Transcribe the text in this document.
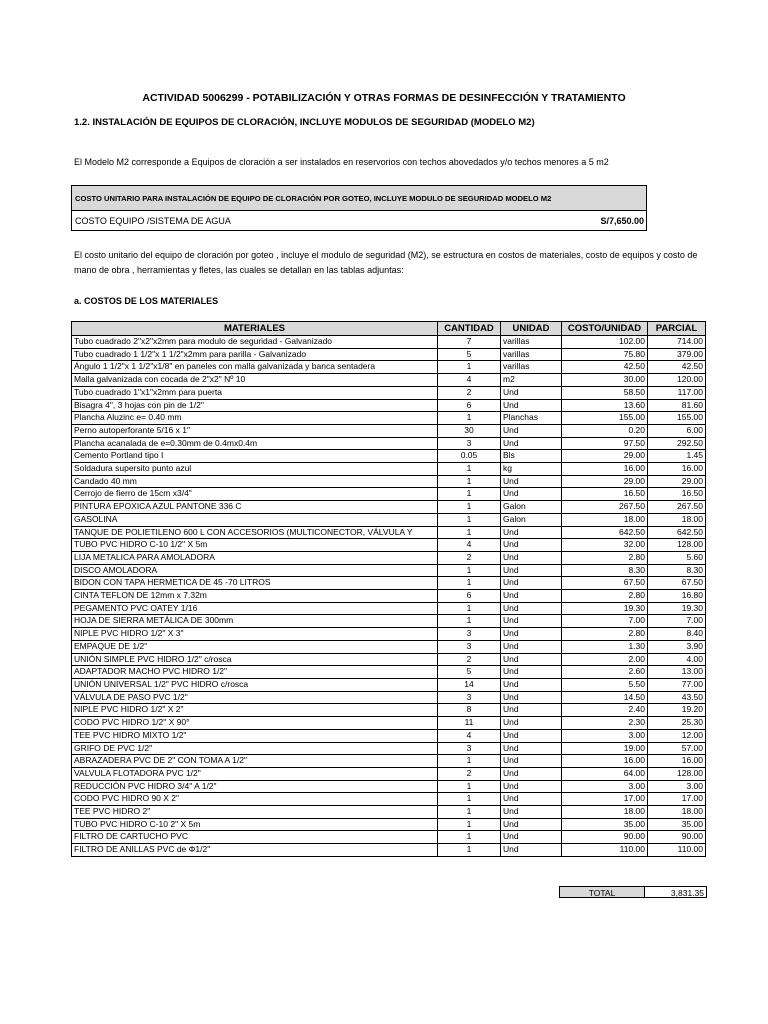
ACTIVIDAD 5006299 - POTABILIZACIÓN Y OTRAS FORMAS DE DESINFECCIÓN Y TRATAMIENTO
1.2. INSTALACIÓN DE EQUIPOS DE CLORACIÓN, INCLUYE MODULOS DE SEGURIDAD (MODELO M2)
El Modelo M2 corresponde a Equipos de cloración a ser instalados en reservorios con techos abovedados y/o techos menores a 5 m2
COSTO UNITARIO PARA INSTALACIÓN DE EQUIPO DE CLORACIÓN POR GOTEO, INCLUYE MODULO DE SEGURIDAD MODELO M2
COSTO EQUIPO /SISTEMA DE AGUA	S/7,650.00
El costo unitario del equipo de cloración por goteo , incluye el modulo de seguridad (M2), se estructura en costos de materiales, costo de equipos y costo de mano de obra , herramientas y fletes, las cuales se detallan en las tablas adjuntas:
a. COSTOS DE LOS MATERIALES
MATERIALES	CANTIDAD	UNIDAD	COSTO/UNIDAD	PARCIAL
Tubo cuadrado 2"x2"x2mm para modulo de seguridad - Galvanizado	7	varillas	102.00	714.00
Tubo cuadrado 1 1/2"x 1 1/2"x2mm para parilla - Galvanizado	5	varillas	75.80	379.00
Ángulo 1 1/2"x 1 1/2"x1/8" en paneles con malla galvanizada y banca sentadera	1	varillas	42.50	42.50
Malla galvanizada con cocada de 2"x2" Nº 10	4	m2	30.00	120.00
Tubo cuadrado 1"x1"x2mm para puerta	2	Und	58.50	117.00
Bisagra 4", 3 hojas con pin de 1/2"	6	Und	13.60	81.60
Plancha Aluzinc e= 0.40 mm	1	Planchas	155.00	155.00
Perno autoperforante 5/16 x 1"	30	Und	0.20	6.00
Plancha acanalada de e=0.30mm de 0.4mx0.4m	3	Und	97.50	292.50
Cemento Portland tipo I	0.05	Bls	29.00	1.45
Soldadura supersito punto azul	1	kg	16.00	16.00
Candado 40 mm	1	Und	29.00	29.00
Cerrojo de fierro de 15cm x3/4"	1	Und	16.50	16.50
PINTURA EPOXICA AZUL PANTONE 336 C	1	Galon	267.50	267.50
GASOLINA	1	Galon	18.00	18.00
TANQUE DE POLIETILENO 600 L CON ACCESORIOS (MULTICONECTOR, VÁLVULA Y	1	Und	642.50	642.50
TUBO PVC HIDRO C-10 1/2" X 5m	4	Und	32.00	128.00
LIJA METALICA PARA AMOLADORA	2	Und	2.80	5.60
DISCO AMOLADORA	1	Und	8.30	8.30
BIDON CON TAPA HERMETICA DE 45 -70 LITROS	1	Und	67.50	67.50
CINTA TEFLON DE 12mm x 7.32m	6	Und	2.80	16.80
PEGAMENTO PVC OATEY 1/16	1	Und	19.30	19.30
HOJA DE SIERRA METÁLICA DE 300mm	1	Und	7.00	7.00
NIPLE PVC HIDRO 1/2" X 3"	3	Und	2.80	8.40
EMPAQUE DE 1/2"	3	Und	1.30	3.90
UNIÓN SIMPLE PVC HIDRO 1/2" c/rosca	2	Und	2.00	4.00
ADAPTADOR MACHO PVC HIDRO 1/2"	5	Und	2.60	13.00
UNIÓN UNIVERSAL 1/2" PVC HIDRO c/rosca	14	Und	5.50	77.00
VÁLVULA DE PASO PVC 1/2"	3	Und	14.50	43.50
NIPLE PVC HIDRO 1/2" X 2"	8	Und	2.40	19.20
CODO PVC HIDRO 1/2" X 90°	11	Und	2.30	25.30
TEE PVC HIDRO MIXTO 1/2"	4	Und	3.00	12.00
GRIFO DE PVC 1/2"	3	Und	19.00	57.00
ABRAZADERA PVC DE 2" CON TOMA A 1/2"	1	Und	16.00	16.00
VALVULA FLOTADORA PVC 1/2"	2	Und	64.00	128.00
REDUCCIÓN PVC HIDRO 3/4" A 1/2"	1	Und	3.00	3.00
CODO PVC HIDRO 90 X 2"	1	Und	17.00	17.00
TEE PVC HIDRO 2"	1	Und	18.00	18.00
TUBO PVC HIDRO C-10 2" X 5m	1	Und	35.00	35.00
FILTRO DE CARTUCHO PVC	1	Und	90.00	90.00
FILTRO DE ANILLAS PVC de Φ1/2"	1	Und	110.00	110.00
TOTAL	3,831.35
